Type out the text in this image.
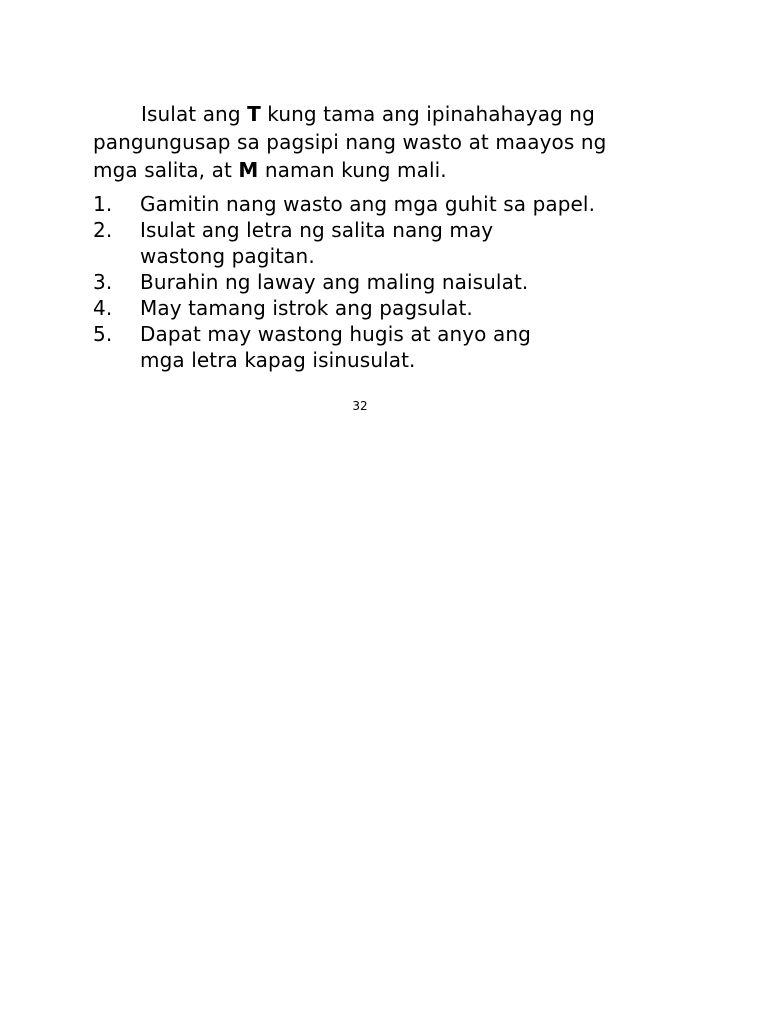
Isulat ang T kung tama ang ipinahahayag ng pangungusap sa pagsipi nang wasto at maayos ng mga salita, at M naman kung mali.

1.	Gamitin nang wasto ang mga guhit sa papel.
2.	Isulat ang letra ng salita nang may wastong pagitan.
3.	Burahin ng laway ang maling naisulat.
4.	May tamang istrok ang pagsulat.
5.	Dapat may wastong hugis at anyo ang mga letra kapag isinusulat.
32
